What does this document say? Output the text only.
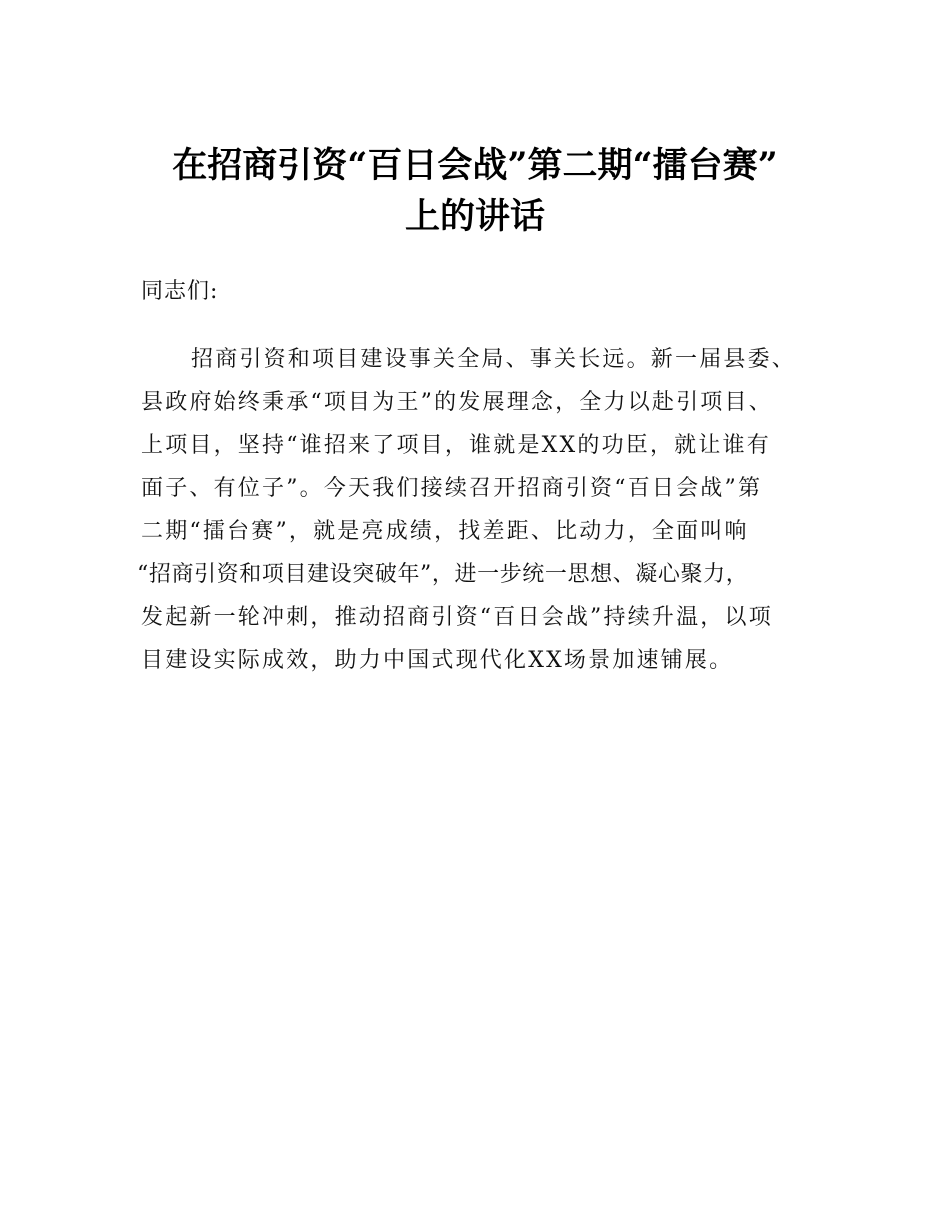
在招商引资“百日会战”第二期“擂台赛”
上的讲话
同志们:
招商引资和项目建设事关全局、事关长远。新一届县委、
县政府始终秉承“项目为王”的发展理念，全力以赴引项目、
上项目，坚持“谁招来了项目，谁就是XX的功臣，就让谁有
面子、有位子”。今天我们接续召开招商引资“百日会战”第
二期“擂台赛”，就是亮成绩，找差距、比动力，全面叫响
“招商引资和项目建设突破年”，进一步统一思想、凝心聚力，
发起新一轮冲刺，推动招商引资“百日会战”持续升温，以项
目建设实际成效，助力中国式现代化XX场景加速铺展。
